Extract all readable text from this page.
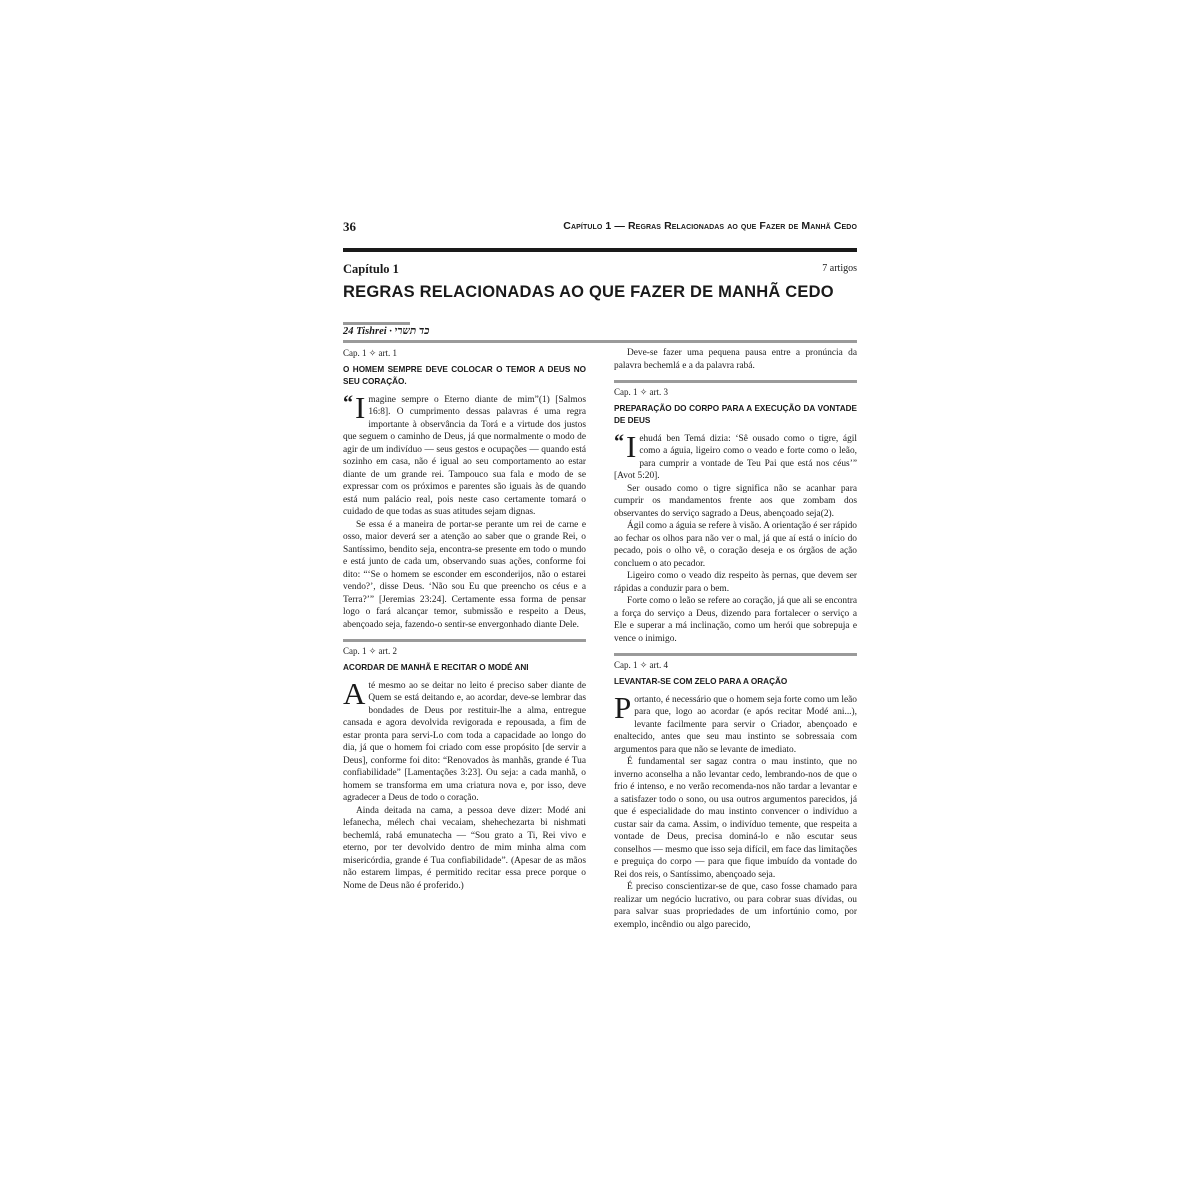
36	Capítulo 1 — Regras Relacionadas ao que Fazer de Manhã Cedo
Capítulo 1	7 artigos
REGRAS RELACIONADAS AO QUE FAZER DE MANHÃ CEDO
24 Tishrei · כד תשרי

Cap. 1 ✧ art. 1

O HOMEM SEMPRE DEVE COLOCAR O TEMOR A DEUS NO SEU CORAÇÃO.

“ I magine sempre o Eterno diante de mim”(1) [Salmos 16:8]. O cumprimento dessas palavras é uma regra importante à observância da Torá e a virtude dos justos que seguem o caminho de Deus, já que normalmente o modo de agir de um indivíduo — seus gestos e ocupações — quando está sozinho em casa, não é igual ao seu comportamento ao estar diante de um grande rei. Tampouco sua fala e modo de se expressar com os próximos e parentes são iguais às de quando está num palácio real, pois neste caso certamente tomará o cuidado de que todas as suas atitudes sejam dignas.

Se essa é a maneira de portar-se perante um rei de carne e osso, maior deverá ser a atenção ao saber que o grande Rei, o Santíssimo, bendito seja, encontra-se presente em todo o mundo e está junto de cada um, observando suas ações, conforme foi dito: “‘Se o homem se esconder em esconderijos, não o estarei vendo?’, disse Deus. ‘Não sou Eu que preencho os céus e a Terra?’” [Jeremias 23:24]. Certamente essa forma de pensar logo o fará alcançar temor, submissão e respeito a Deus, abençoado seja, fazendo-o sentir-se envergonhado diante Dele.

Cap. 1 ✧ art. 2

ACORDAR DE MANHÃ E RECITAR O MODÉ ANI

Até mesmo ao se deitar no leito é preciso saber diante de Quem se está deitando e, ao acordar, deve-se lembrar das bondades de Deus por restituir-lhe a alma, entregue cansada e agora devolvida revigorada e repousada, a fim de estar pronta para servi-Lo com toda a capacidade ao longo do dia, já que o homem foi criado com esse propósito [de servir a Deus], conforme foi dito: “Renovados às manhãs, grande é Tua confiabilidade” [Lamentações 3:23]. Ou seja: a cada manhã, o homem se transforma em uma criatura nova e, por isso, deve agradecer a Deus de todo o coração.

Ainda deitada na cama, a pessoa deve dizer: Modé ani lefanecha, mélech chai vecaiam, shehechezarta bi nishmati bechemlá, rabá emunatecha — “Sou grato a Ti, Rei vivo e eterno, por ter devolvido dentro de mim minha alma com misericórdia, grande é Tua confiabilidade”. (Apesar de as mãos não estarem limpas, é permitido recitar essa prece porque o Nome de Deus não é proferido.)

Deve-se fazer uma pequena pausa entre a pronúncia da palavra bechemlá e a da palavra rabá.

Cap. 1 ✧ art. 3

PREPARAÇÃO DO CORPO PARA A EXECUÇÃO DA VONTADE DE DEUS

“ I ehudá ben Temá dizia: ‘Sê ousado como o tigre, ágil como a águia, ligeiro como o veado e forte como o leão, para cumprir a vontade de Teu Pai que está nos céus’” [Avot 5:20].

Ser ousado como o tigre significa não se acanhar para cumprir os mandamentos frente aos que zombam dos observantes do serviço sagrado a Deus, abençoado seja(2).

Ágil como a águia se refere à visão. A orientação é ser rápido ao fechar os olhos para não ver o mal, já que aí está o início do pecado, pois o olho vê, o coração deseja e os órgãos de ação concluem o ato pecador.

Ligeiro como o veado diz respeito às pernas, que devem ser rápidas a conduzir para o bem.

Forte como o leão se refere ao coração, já que ali se encontra a força do serviço a Deus, dizendo para fortalecer o serviço a Ele e superar a má inclinação, como um herói que sobrepuja e vence o inimigo.

Cap. 1 ✧ art. 4

LEVANTAR-SE COM ZELO PARA A ORAÇÃO

Portanto, é necessário que o homem seja forte como um leão para que, logo ao acordar (e após recitar Modé ani...), levante facilmente para servir o Criador, abençoado e enaltecido, antes que seu mau instinto se sobressaia com argumentos para que não se levante de imediato.

É fundamental ser sagaz contra o mau instinto, que no inverno aconselha a não levantar cedo, lembrando-nos de que o frio é intenso, e no verão recomenda-nos não tardar a levantar e a satisfazer todo o sono, ou usa outros argumentos parecidos, já que é especialidade do mau instinto convencer o indivíduo a custar sair da cama. Assim, o indivíduo temente, que respeita a vontade de Deus, precisa dominá-lo e não escutar seus conselhos — mesmo que isso seja difícil, em face das limitações e preguiça do corpo — para que fique imbuído da vontade do Rei dos reis, o Santíssimo, abençoado seja.

É preciso conscientizar-se de que, caso fosse chamado para realizar um negócio lucrativo, ou para cobrar suas dívidas, ou para salvar suas propriedades de um infortúnio como, por exemplo, incêndio ou algo parecido,
